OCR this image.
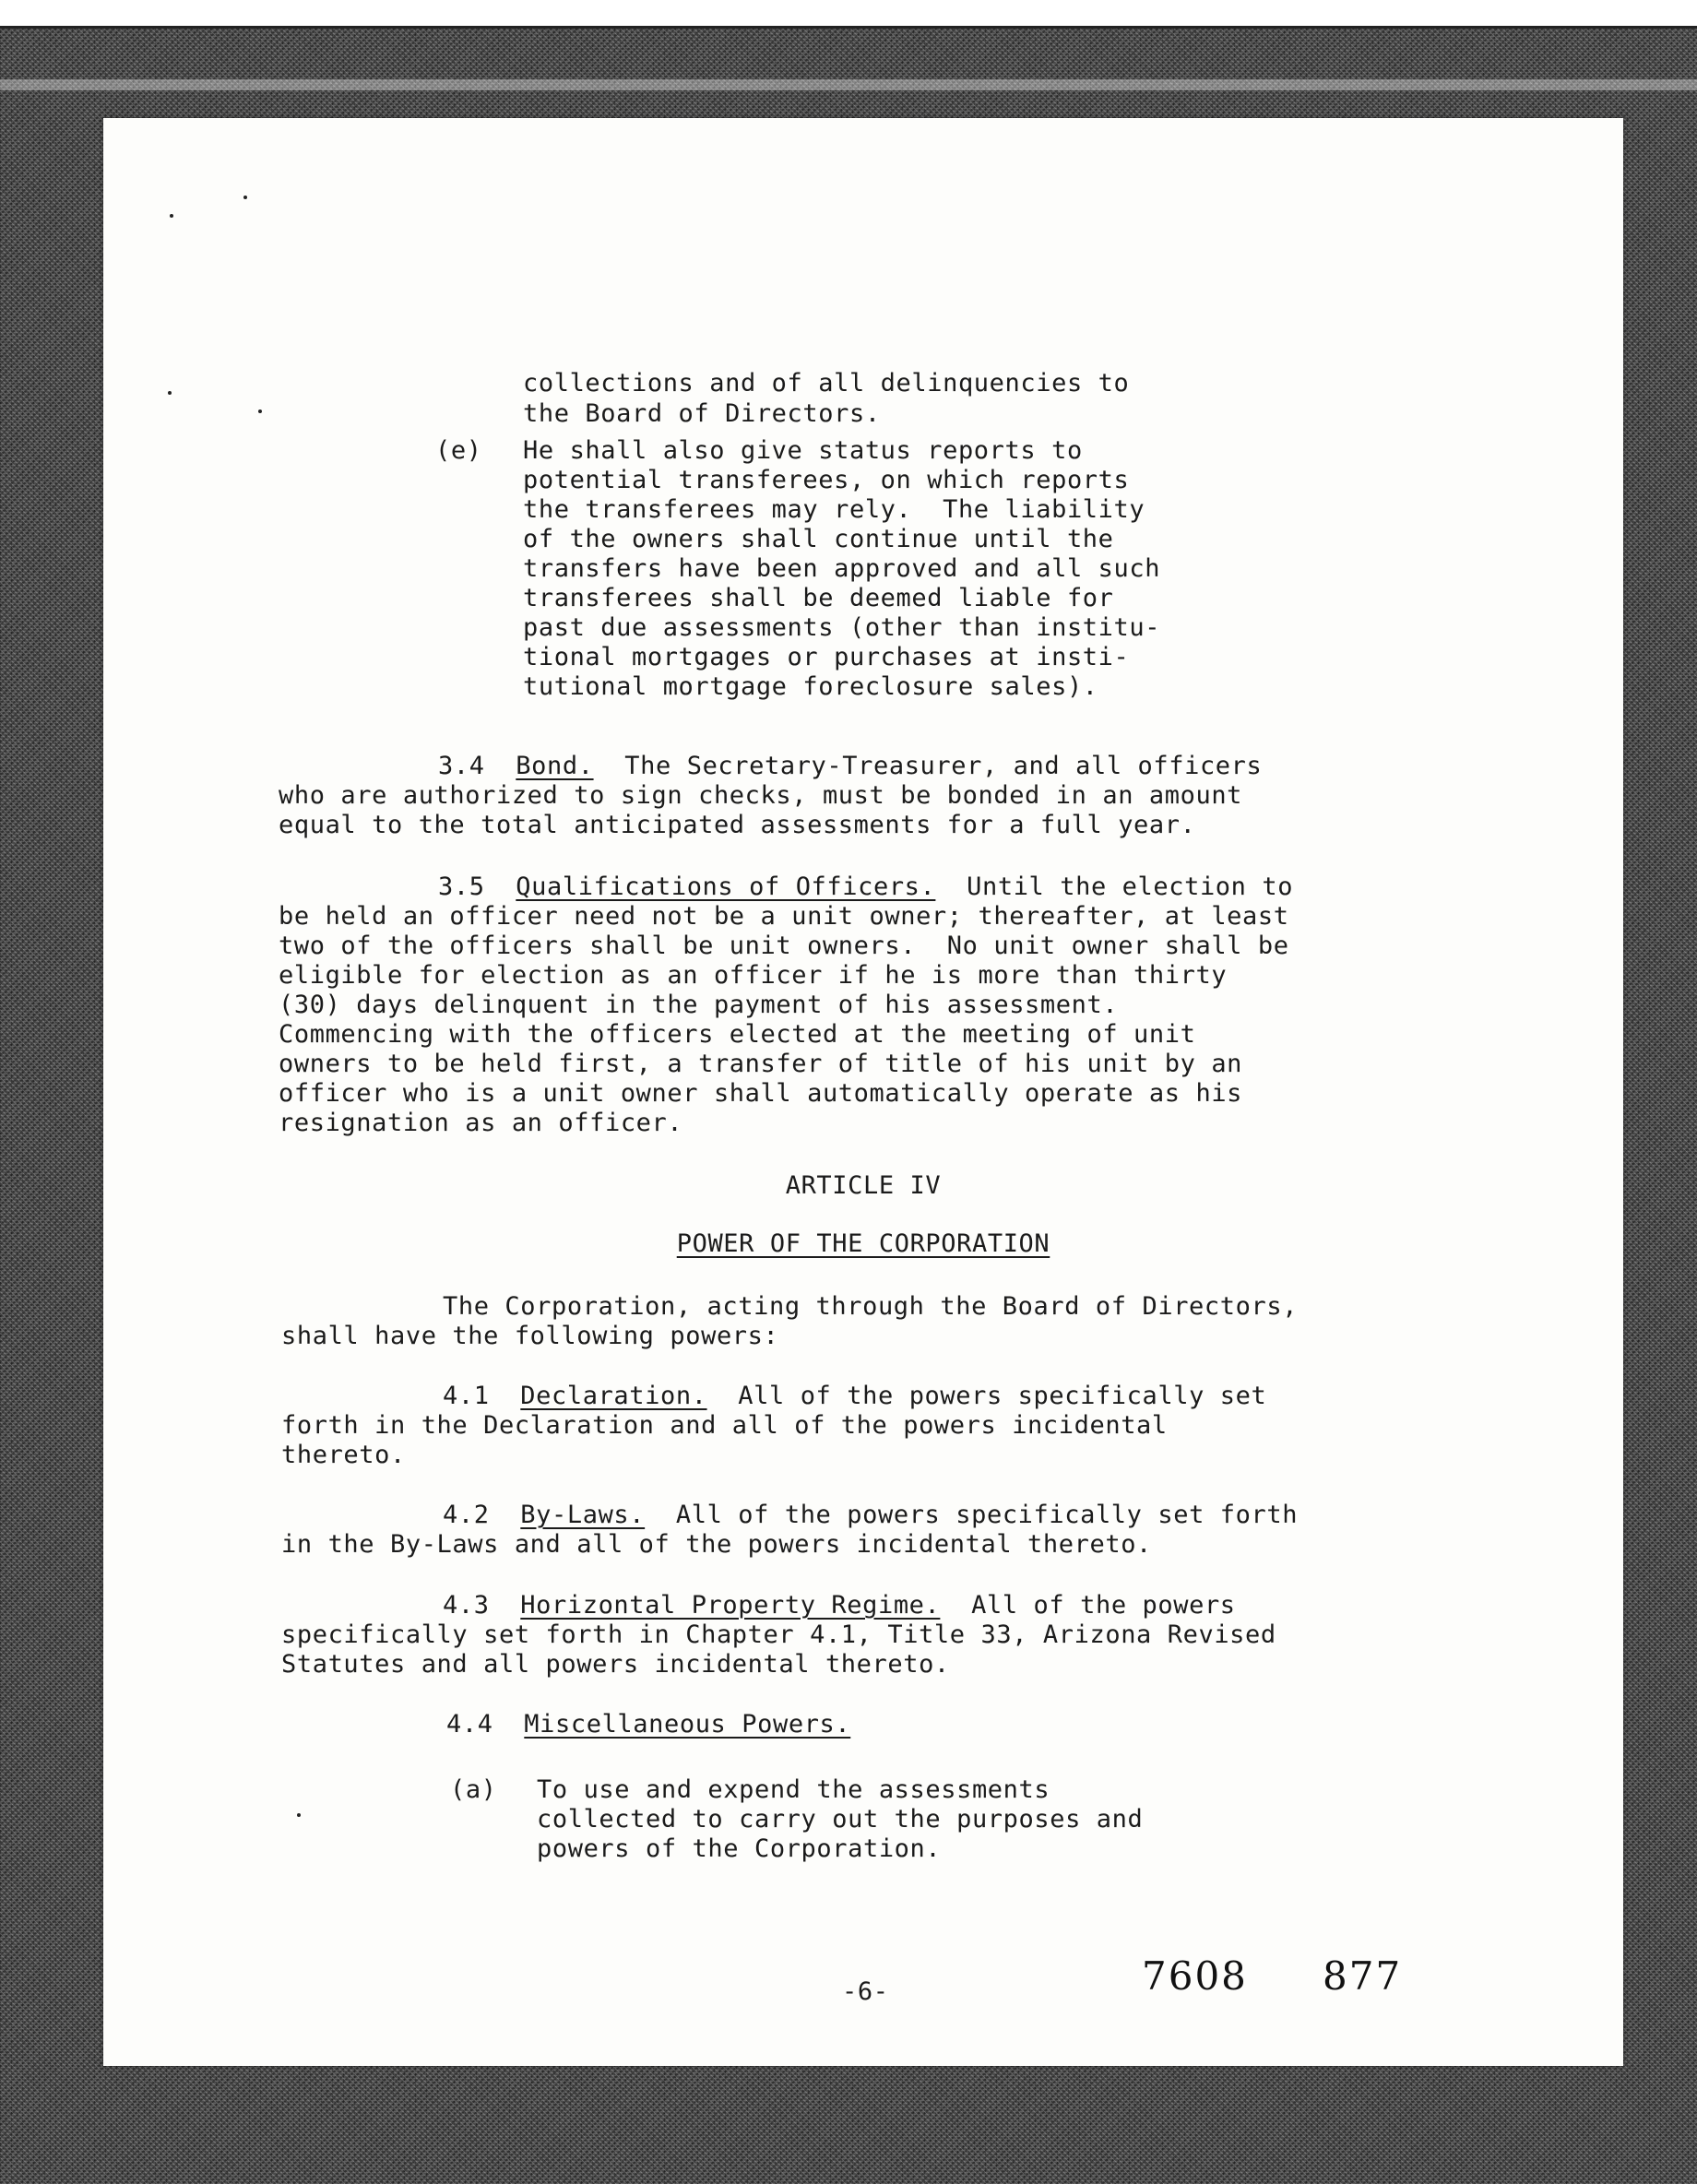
collections and of all delinquencies to
the Board of Directors.
(e) He shall also give status reports to
potential transferees, on which reports
the transferees may rely.  The liability
of the owners shall continue until the
transfers have been approved and all such
transferees shall be deemed liable for
past due assessments (other than institu-
tional mortgages or purchases at insti-
tutional mortgage foreclosure sales).
3.4 Bond. The Secretary-Treasurer, and all officers
who are authorized to sign checks, must be bonded in an amount
equal to the total anticipated assessments for a full year.
3.5 Qualifications of Officers. Until the election to
be held an officer need not be a unit owner; thereafter, at least
two of the officers shall be unit owners.  No unit owner shall be
eligible for election as an officer if he is more than thirty
(30) days delinquent in the payment of his assessment.
Commencing with the officers elected at the meeting of unit
owners to be held first, a transfer of title of his unit by an
officer who is a unit owner shall automatically operate as his
resignation as an officer.
ARTICLE IV
POWER OF THE CORPORATION
The Corporation, acting through the Board of Directors,
shall have the following powers:
4.1 Declaration. All of the powers specifically set
forth in the Declaration and all of the powers incidental
thereto.
4.2 By-Laws. All of the powers specifically set forth
in the By-Laws and all of the powers incidental thereto.
4.3 Horizontal Property Regime. All of the powers
specifically set forth in Chapter 4.1, Title 33, Arizona Revised
Statutes and all powers incidental thereto.
4.4 Miscellaneous Powers.
(a) To use and expend the assessments
collected to carry out the purposes and
powers of the Corporation.
-6-	7608 877
